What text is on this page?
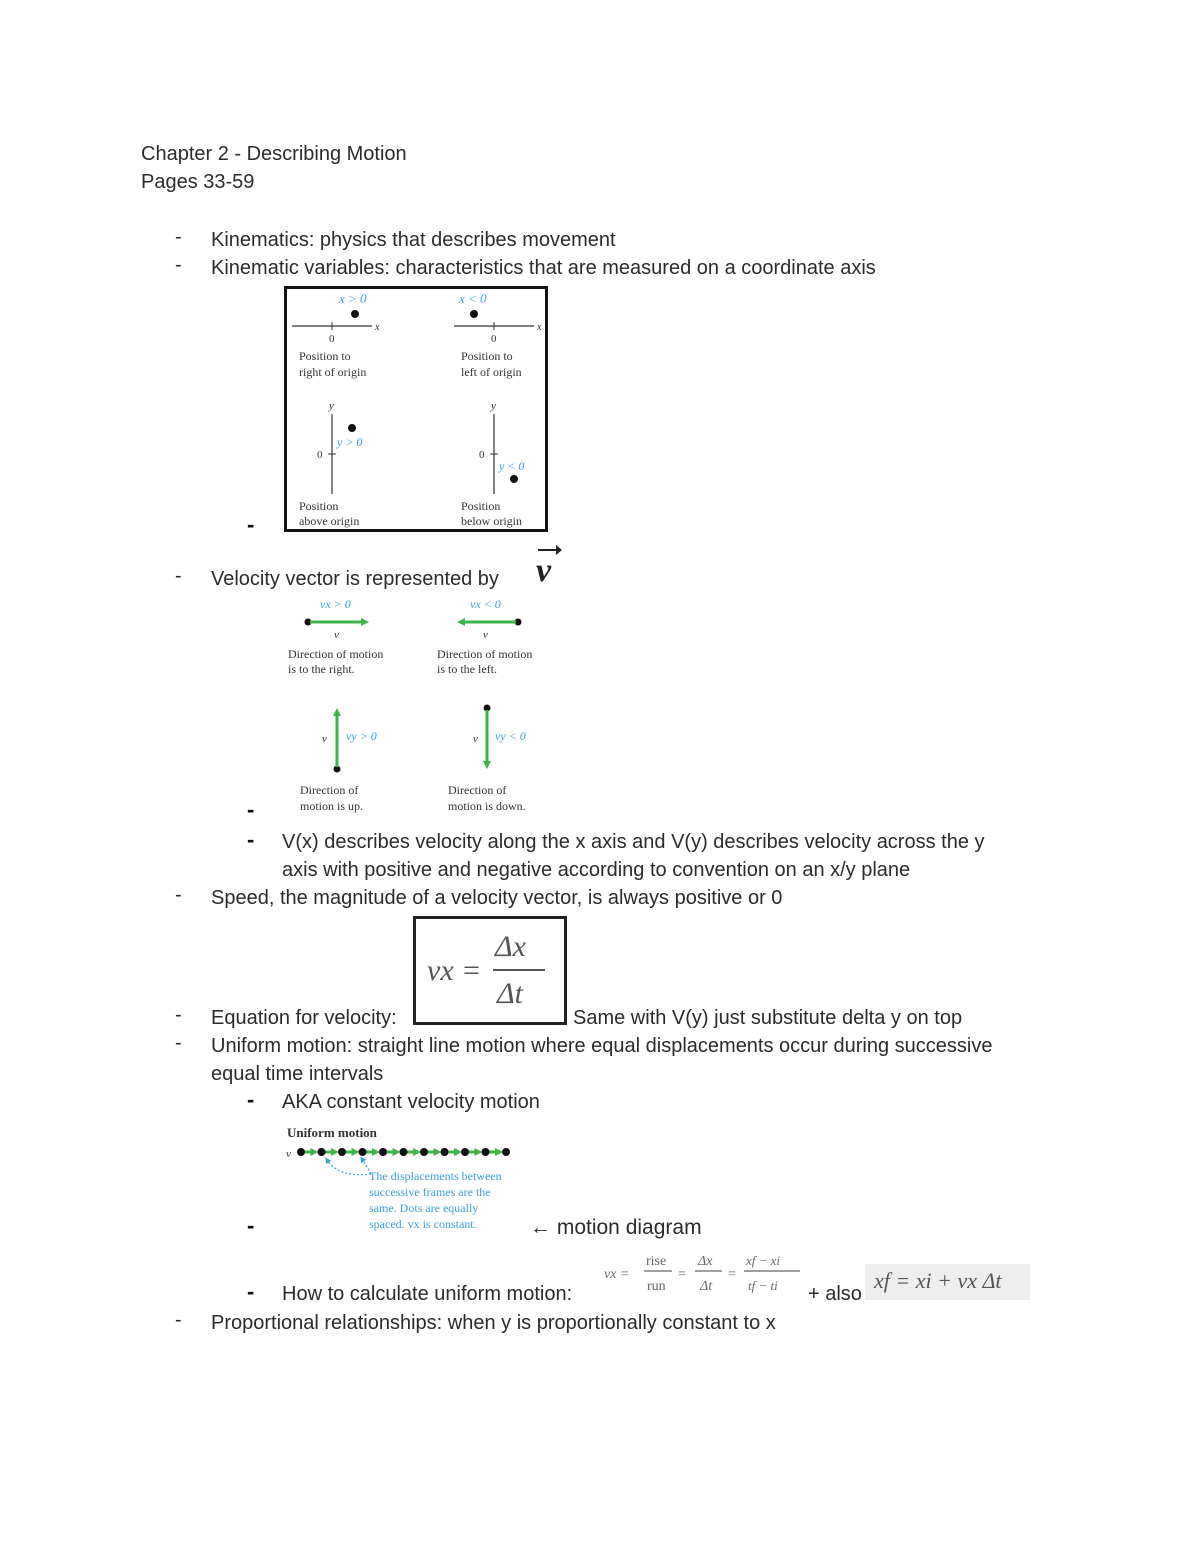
Chapter 2 - Describing Motion
Pages 33-59
- Kinematics: physics that describes movement
- Kinematic variables: characteristics that are measured on a coordinate axis
-
x > 0
x
0
Position to
right of origin
x < 0
x
0
Position to
left of origin
y
0
y > 0
Position
above origin
y
0
y < 0
Position
below origin
- Velocity vector is represented by v
-
vx > 0
v
Direction of motion
is to the right.
vx < 0
v
Direction of motion
is to the left.
v vy > 0
Direction of
motion is up.
v vy < 0
Direction of
motion is down.
- V(x) describes velocity along the x axis and V(y) describes velocity across the y
axis with positive and negative according to convention on an x/y plane
- Speed, the magnitude of a velocity vector, is always positive or 0
vx =
Δx
Δt
- Equation for velocity:	Same with V(y) just substitute delta y on top
- Uniform motion: straight line motion where equal displacements occur during successive
equal time intervals
- AKA constant velocity motion
-
Uniform motion
v
The displacements between
successive frames are the
same. Dots are equally
spaced. vx is constant.	← motion diagram
vx =
rise
run
=
Δx
Δt
=
xf − xi
tf − ti
- How to calculate uniform motion:	+ also
xf = xi + vx Δt
- Proportional relationships: when y is proportionally constant to x
